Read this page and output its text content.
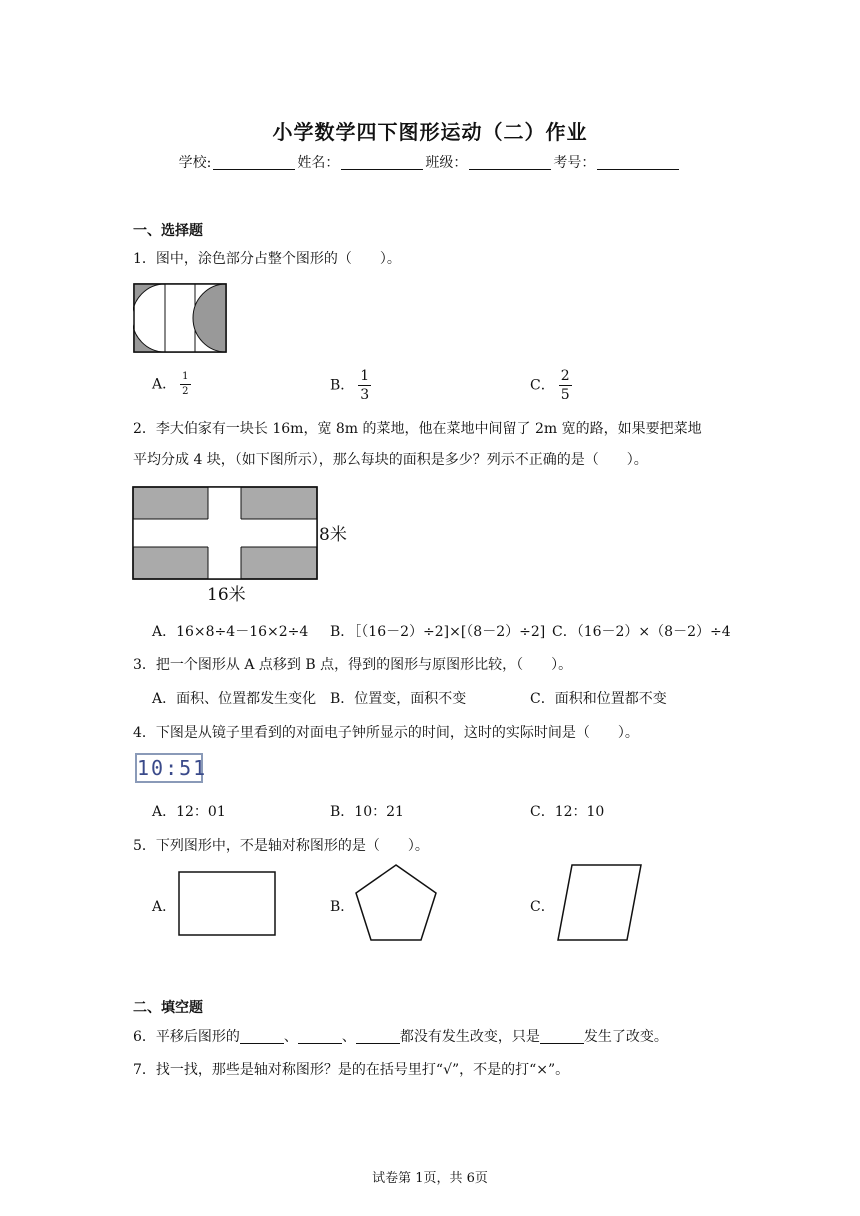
小学数学四下图形运动（二）作业
学校:	姓名：	班级：	考号：
一、选择题
1．图中，涂色部分占整个图形的（　　）。
A． $\frac{1}{2}$	B． $\frac{1}{3}$	C． $\frac{2}{5}$
2．李大伯家有一块长 16m，宽 8m 的菜地，他在菜地中间留了 2m 宽的路，如果要把菜地
平均分成 4 块，（如下图所示），那么每块的面积是多少？列示不正确的是（　　）。
8米
16米
A．16×8÷4－16×2÷4 B．［（16－2）÷2]×[（8－2）÷2] C．（16－2）×（8－2）÷4
3．把一个图形从 A 点移到 B 点，得到的图形与原图形比较，（　　）。
A．面积、位置都发生变化 B．位置变，面积不变	C．面积和位置都不变
4．下图是从镜子里看到的对面电子钟所显示的时间，这时的实际时间是（　　）。
10:51
A．12：01	B．10：21	C．12：10
5．下列图形中，不是轴对称图形的是（　　）。
A．	B．	C．
二、填空题
6．平移后图形的	、	、	都没有发生改变，只是	发生了改变。
7．找一找，那些是轴对称图形？是的在括号里打“√”，不是的打“×”。
试卷第 1页，共 6页
